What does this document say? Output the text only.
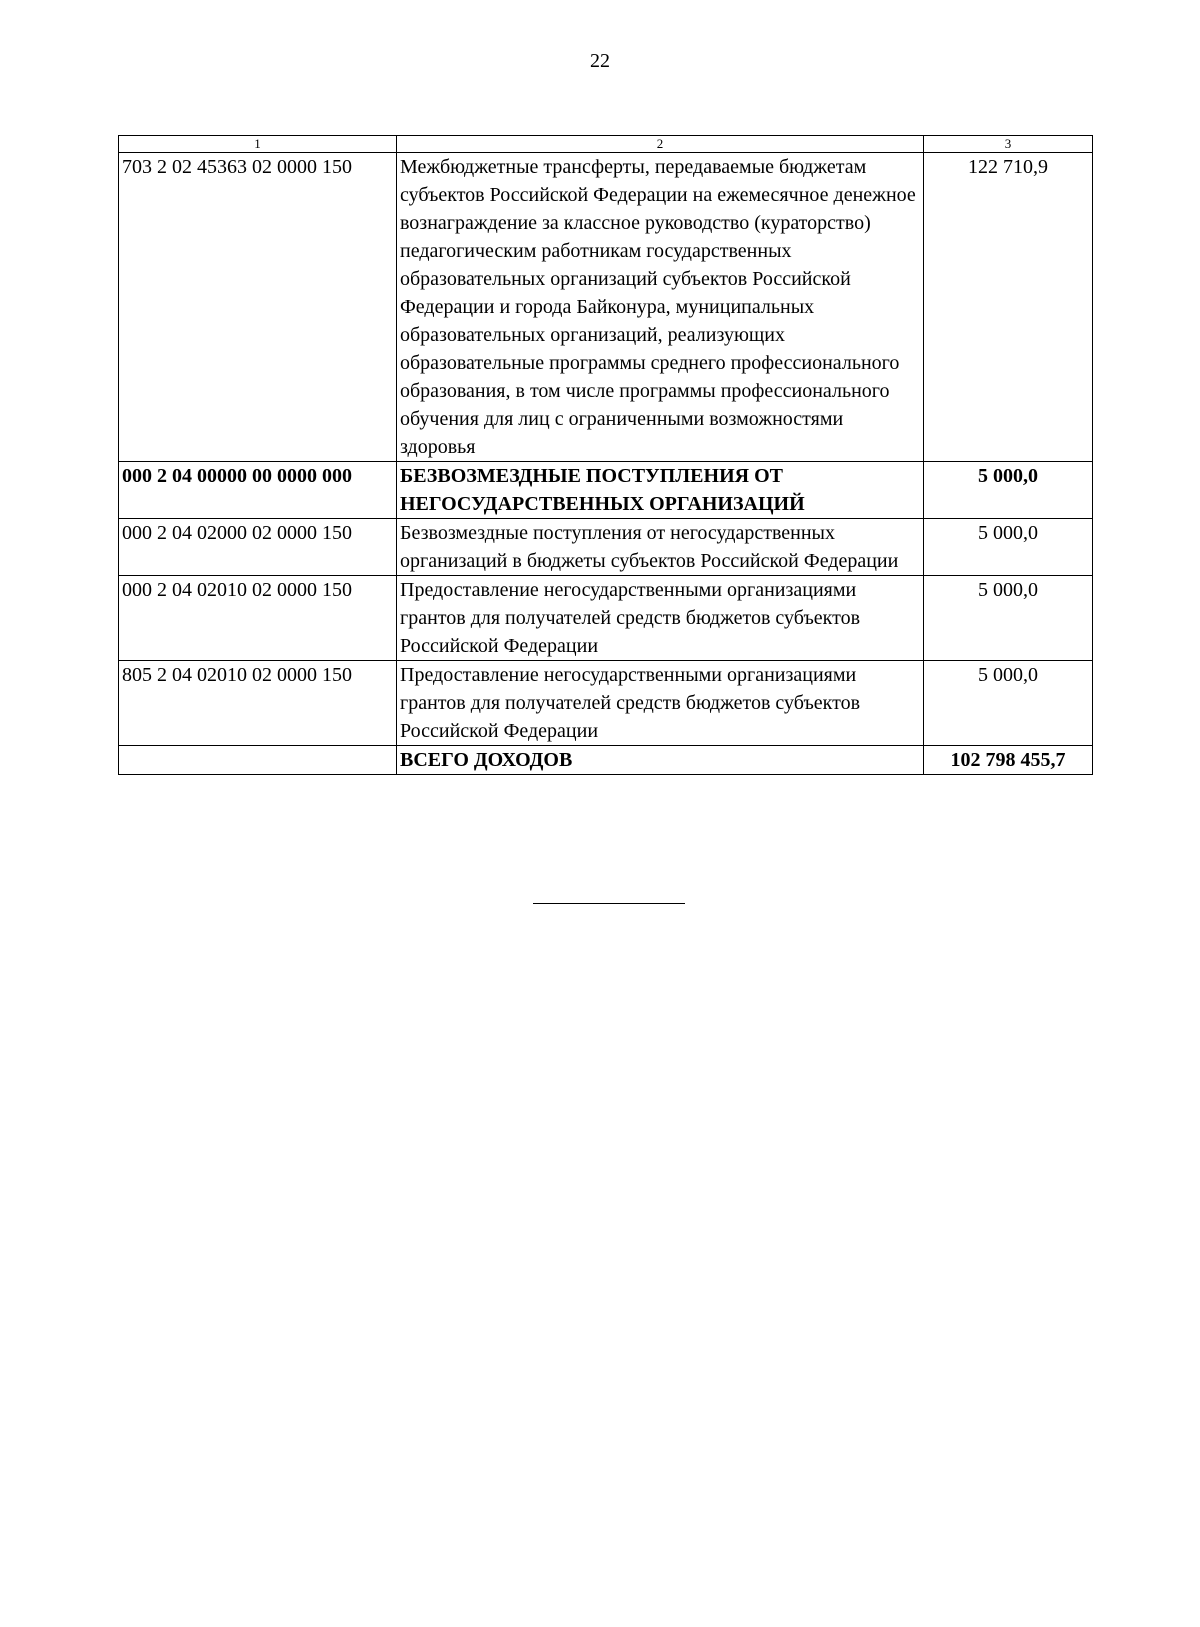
22
1	2	3
703 2 02 45363 02 0000 150	Межбюджетные трансферты, передаваемые бюджетам субъектов Российской Федерации на ежемесячное денежное вознаграждение за классное руководство (кураторство) педагогическим работникам государственных образовательных организаций субъектов Российской Федерации и города Байконура, муниципальных образовательных организаций, реализующих образовательные программы среднего профессионального образования, в том числе программы профессионального обучения для лиц с ограниченными возможностями здоровья	122 710,9
000 2 04 00000 00 0000 000	БЕЗВОЗМЕЗДНЫЕ ПОСТУПЛЕНИЯ ОТ НЕГОСУДАРСТВЕННЫХ ОРГАНИЗАЦИЙ	5 000,0
000 2 04 02000 02 0000 150	Безвозмездные поступления от негосударственных организаций в бюджеты субъектов Российской Федерации	5 000,0
000 2 04 02010 02 0000 150	Предоставление негосударственными организациями грантов для получателей средств бюджетов субъектов Российской Федерации	5 000,0
805 2 04 02010 02 0000 150	Предоставление негосударственными организациями грантов для получателей средств бюджетов субъектов Российской Федерации	5 000,0
	ВСЕГО ДОХОДОВ	102 798 455,7
